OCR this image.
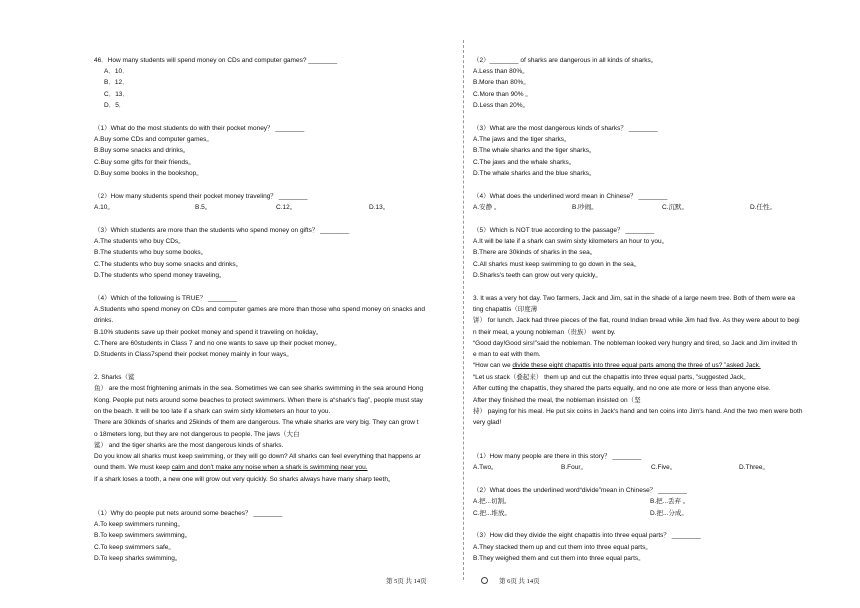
46．How many students will spend money on CDs and computer games? ________
A．10．
B．12．
C．13．
D．5．
（1）What do the most students do with their pocket money？ ________
A.Buy some CDs and computer games。
B.Buy some snacks and drinks。
C.Buy some gifts for their friends。
D.Buy some books in the bookshop。
（2）How many students spend their pocket money traveling？ ________
A.10。	B.5。	C.12。	D.13。
（3）Which students are more than the students who spend money on gifts？ ________
A.The students who buy CDs。
B.The students who buy some books。
C.The students who buy some snacks and drinks。
D.The students who spend money traveling。
（4）Which of the following is TRUE？ ________
A.Students who spend money on CDs and computer games are more than those who spend money on snacks and
drinks.
B.10% students save up their pocket money and spend it traveling on holiday。
C.There are 60students in Class 7 and no one wants to save up their pocket money。
D.Students in Class7spend their pocket money mainly in four ways。
2. Sharks（鲨
鱼） are the most frightening animals in the sea. Sometimes we can see sharks swimming in the sea around Hong
Kong. People put nets around some beaches to protect swimmers. When there is a“shark's flag”, people must stay
on the beach. It will be too late if a shark can swim sixty kilometers an hour to you.
There are 30kinds of sharks and 25kinds of them are dangerous. The whale sharks are very big. They can grow t
o 18meters long, but they are not dangerous to people. The jaws（大白
鲨） and the tiger sharks are the most dangerous kinds of sharks.
Do you know all sharks must keep swimming, or they will go down? All sharks can feel everything that happens ar
ound them. We must keep calm and don't make any noise when a shark is swimming near you.
If a shark loses a tooth, a new one will grow out very quickly. So sharks always have many sharp teeth。
（1）Why do people put nets around some beaches？ ________
A.To keep swimmers running。
B.To keep swimmers swimming。
C.To keep swimmers safe。
D.To keep sharks swimming。
第 5页 共 14页
（2）________ of sharks are dangerous in all kinds of sharks。
A.Less than 80%。
B.More than 80%。
C.More than 90% 。
D.Less than 20%。
（3）What are the most dangerous kinds of sharks？ ________
A.The jaws and the tiger sharks。
B.The whale sharks and the tiger sharks。
C.The jaws and the whale sharks。
D.The whale sharks and the blue sharks。
（4）What does the underlined word mean in Chinese？ ________
A.安静 。	B.吵闹。	C.沉默。	D.任性。
（5）Which is NOT true according to the passage？ ________
A.It will be late if a shark can swim sixty kilometers an hour to you。
B.There are 30kinds of sharks in the sea。
C.All sharks must keep swimming to go down in the sea。
D.Sharks's teeth can grow out very quickly。
3. It was a very hot day. Two farmers, Jack and Jim, sat in the shade of a large neem tree. Both of them were ea
ting chapattis（印度薄
饼） for lunch. Jack had three pieces of the flat, round Indian bread while Jim had five. As they were about to begi
n their meal, a young nobleman（贵族） went by.
“Good day!Good sirs!”said the nobleman. The nobleman looked very hungry and tired, so Jack and Jim invited th
e man to eat with them.
“How can we divide these eight chapattis into three equal parts among the three of us? ”asked Jack.
“Let us stack（叠起来） them up and cut the chapattis into three equal parts, ”suggested Jack。
After cutting the chapattis, they shared the parts equally, and no one ate more or less than anyone else.
After they finished the meal, the nobleman insisted on（坚
持） paying for his meal. He put six coins in Jack's hand and ten coins into Jim's hand. And the two men were both
very glad!
（1）How many people are there in this story？ ________
A.Two。	B.Four。	C.Five。	D.Three。
（2）What does the underlined word“divide”mean in Chinese？ ________
A.把...切割。	B.把...丢弃 。
C.把...堆放。	D.把...分成。
（3）How did they divide the eight chapattis into three equal parts？ ________
A.They stacked them up and cut them into three equal parts。
B.They weighed them and cut them into three equal parts。
第 6页 共 14页
